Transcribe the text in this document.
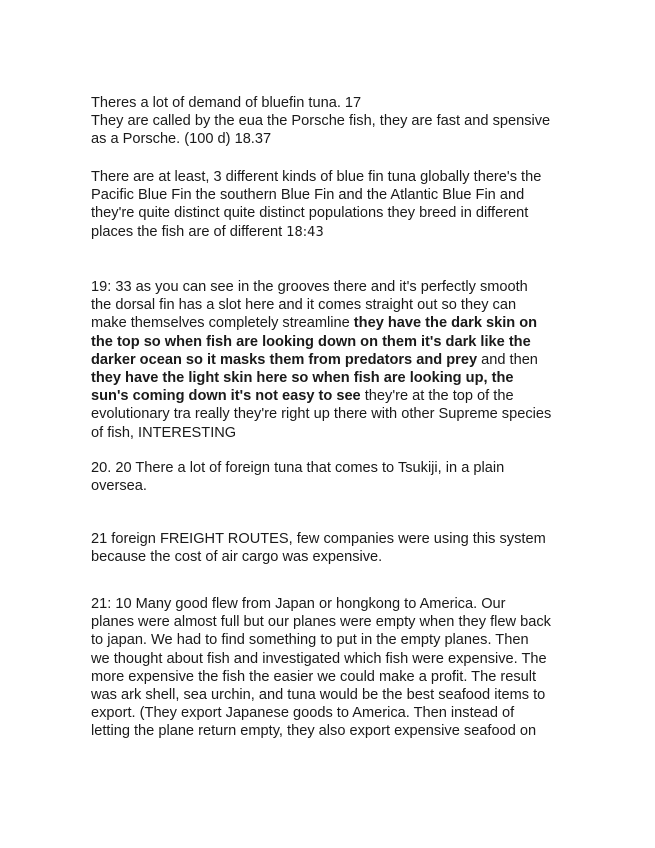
Theres a lot of demand of bluefin tuna. 17
They are called by the eua the Porsche fish, they are fast and spensive
as a Porsche. (100 d) 18.37

There are at least, 3 different kinds of blue fin tuna globally there's the
Pacific Blue Fin the southern Blue Fin and the Atlantic Blue Fin and
they're quite distinct quite distinct populations they breed in different
places the fish are of different 18:43

19: 33 as you can see in the grooves there and it's perfectly smooth
the dorsal fin has a slot here and it comes straight out so they can
make themselves completely streamline they have the dark skin on
the top so when fish are looking down on them it's dark like the
darker ocean so it masks them from predators and prey and then
they have the light skin here so when fish are looking up, the
sun's coming down it's not easy to see they're at the top of the
evolutionary tra really they're right up there with other Supreme species
of fish, INTERESTING

20. 20 There a lot of foreign tuna that comes to Tsukiji, in a plain
oversea.

21 foreign FREIGHT ROUTES, few companies were using this system
because the cost of air cargo was expensive.

21: 10 Many good flew from Japan or hongkong to America. Our
planes were almost full but our planes were empty when they flew back
to japan. We had to find something to put in the empty planes. Then
we thought about fish and investigated which fish were expensive. The
more expensive the fish the easier we could make a profit. The result
was ark shell, sea urchin, and tuna would be the best seafood items to
export. (They export Japanese goods to America. Then instead of
letting the plane return empty, they also export expensive seafood on
